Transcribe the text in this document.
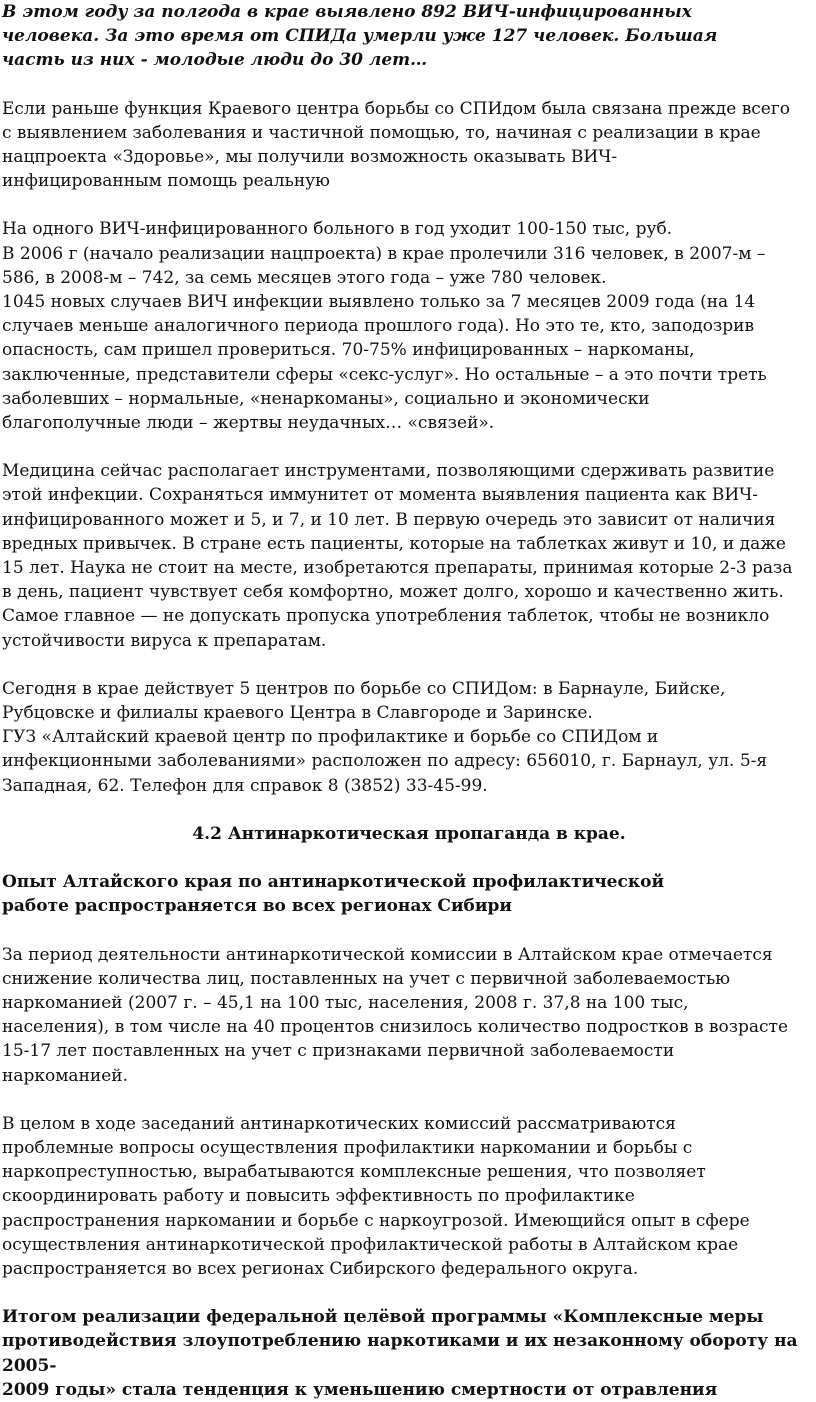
В этом году за полгода в крае выявлено 892 ВИЧ-инфицированных
человека. За это время от СПИДа умерли уже 127 человек. Большая
часть из них - молодые люди до 30 лет…

Если раньше функция Краевого центра борьбы со СПИдом была связана прежде всего
с выявлением заболевания и частичной помощью, то, начиная с реализации в крае
нацпроекта «Здоровье», мы получили возможность оказывать ВИЧ-
инфицированным помощь реальную

На одного ВИЧ-инфицированного больного в год уходит 100-150 тыс, руб.
В 2006 г (начало реализации нацпроекта) в крае пролечили 316 человек, в 2007-м –
586, в 2008-м – 742, за семь месяцев этого года – уже 780 человек.
1045 новых случаев ВИЧ инфекции выявлено только за 7 месяцев 2009 года (на 14
случаев меньше аналогичного периода прошлого года). Но это те, кто, заподозрив
опасность, сам пришел провериться. 70-75% инфицированных – наркоманы,
заключенные, представители сферы «секс-услуг». Но остальные – а это почти треть
заболевших – нормальные, «ненаркоманы», социально и экономически
благополучные люди – жертвы неудачных… «связей».

Медицина сейчас располагает инструментами, позволяющими сдерживать развитие
этой инфекции. Сохраняться иммунитет от момента выявления пациента как ВИЧ-
инфицированного может и 5, и 7, и 10 лет. В первую очередь это зависит от наличия
вредных привычек. В стране есть пациенты, которые на таблетках живут и 10, и даже
15 лет. Наука не стоит на месте, изобретаются препараты, принимая которые 2-3 раза
в день, пациент чувствует себя комфортно, может долго, хорошо и качественно жить.
Самое главное — не допускать пропуска употребления таблеток, чтобы не возникло
устойчивости вируса к препаратам.

Сегодня в крае действует 5 центров по борьбе со СПИДом: в Барнауле, Бийске,
Рубцовске и филиалы краевого Центра в Славгороде и Заринске.
ГУЗ «Алтайский краевой центр по профилактике и борьбе со СПИДом и
инфекционными заболеваниями» расположен по адресу: 656010, г. Барнаул, ул. 5-я
Западная, 62. Телефон для справок 8 (3852) 33-45-99.

4.2 Антинаркотическая пропаганда в крае.

Опыт Алтайского края по антинаркотической профилактической
работе распространяется во всех регионах Сибири

За период деятельности антинаркотической комиссии в Алтайском крае отмечается
снижение количества лиц, поставленных на учет с первичной заболеваемостью
наркоманией (2007 г. – 45,1 на 100 тыс, населения, 2008 г. 37,8 на 100 тыс,
населения), в том числе на 40 процентов снизилось количество подростков в возрасте
15-17 лет поставленных на учет с признаками первичной заболеваемости
наркоманией.

В целом в ходе заседаний антинаркотических комиссий рассматриваются
проблемные вопросы осуществления профилактики наркомании и борьбы с
наркопреступностью, вырабатываются комплексные решения, что позволяет
скоординировать работу и повысить эффективность по профилактике
распространения наркомании и борьбе с наркоугрозой. Имеющийся опыт в сфере
осуществления антинаркотической профилактической работы в Алтайском крае
распространяется во всех регионах Сибирского федерального округа.

Итогом реализации федеральной целёвой программы «Комплексные меры
противодействия злоупотреблению наркотиками и их незаконному обороту на 2005-
2009 годы» стала тенденция к уменьшению смертности от отравления
